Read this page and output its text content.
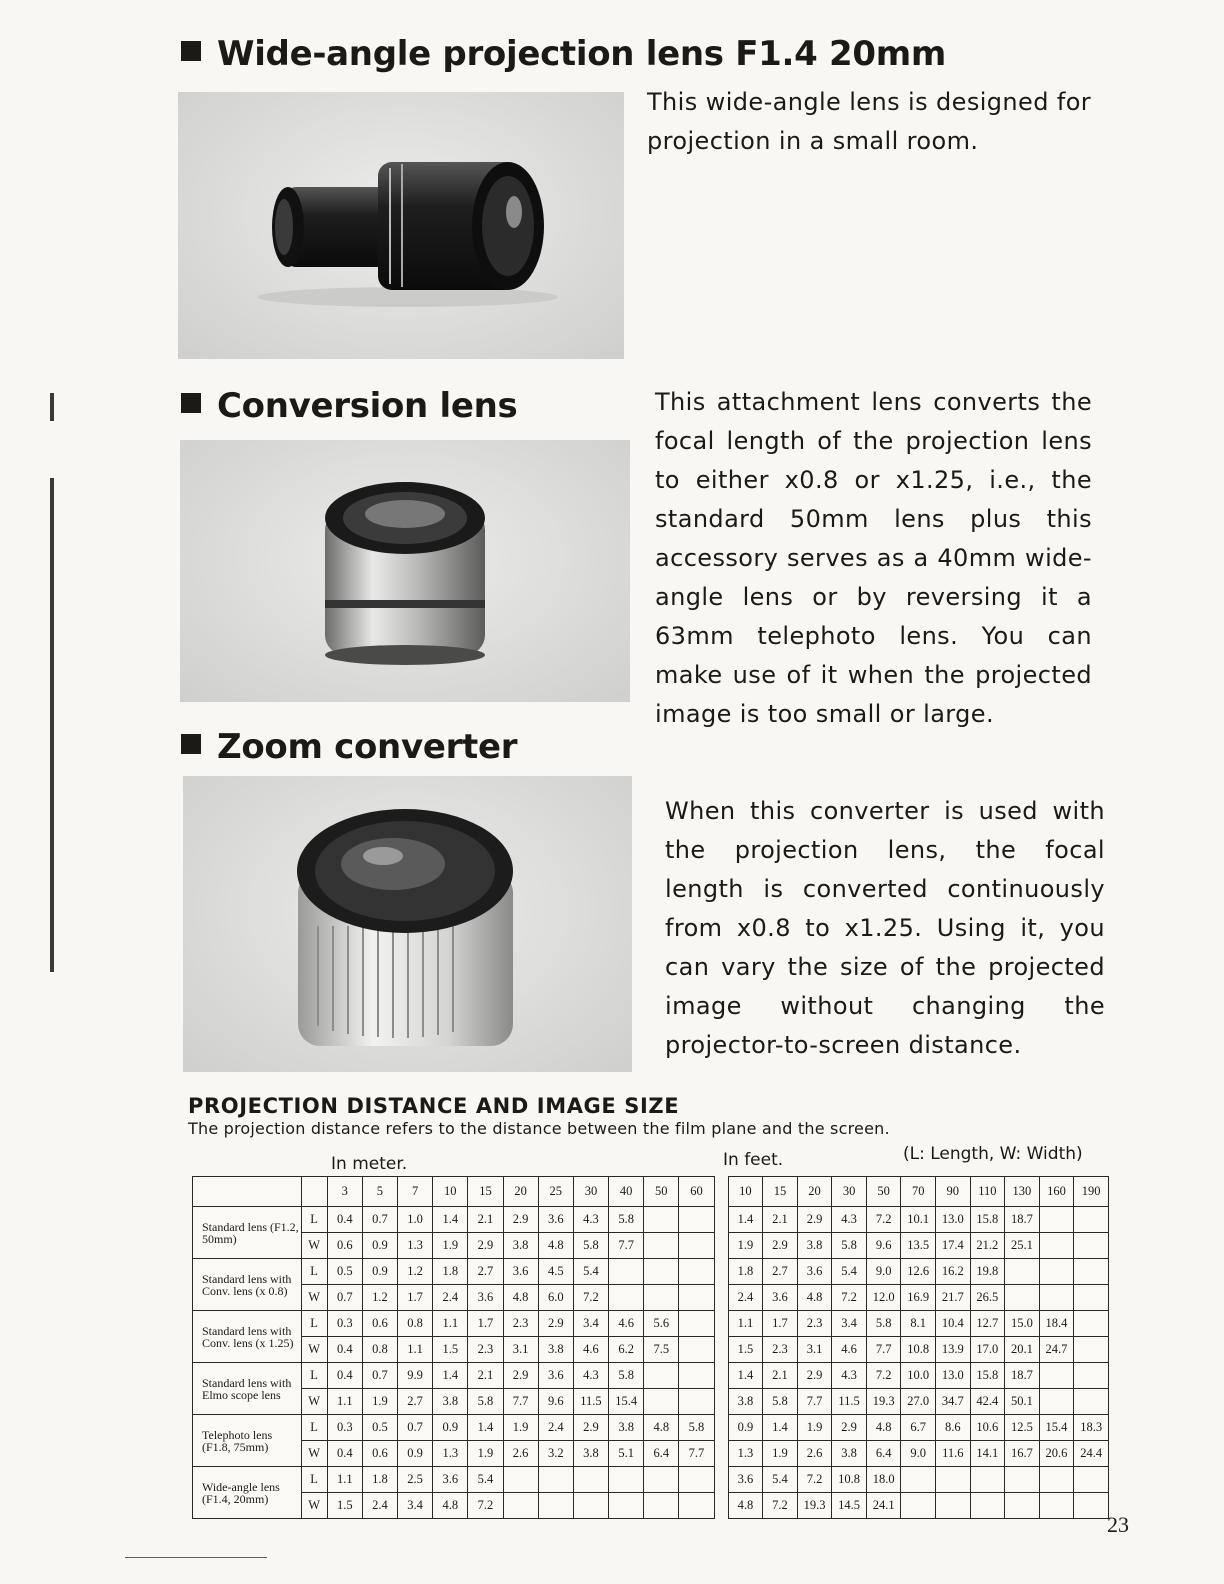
Wide-angle projection lens F1.4 20mm
This wide-angle lens is designed for projection in a small room.
Conversion lens	This attachment lens converts the focal length of the projection lens to either x0.8 or x1.25, i.e., the standard 50mm lens plus this accessory serves as a 40mm wide-angle lens or by reversing it a 63mm telephoto lens. You can make use of it when the projected image is too small or large.
Zoom converter
When this converter is used with the projection lens, the focal length is converted continuously from x0.8 to x1.25. Using it, you can vary the size of the projected image without changing the projector-to-screen distance.
PROJECTION DISTANCE AND IMAGE SIZE
The projection distance refers to the distance between the film plane and the screen.
In meter.	In feet.	(L: Length, W: Width)
		3	5	7	10	15	20	25	30	40	50	60		10	15	20	30	50	70	90	110	130	160	190
Standard lens (F1.2, 50mm)	L	0.4	0.7	1.0	1.4	2.1	2.9	3.6	4.3	5.8				1.4	2.1	2.9	4.3	7.2	10.1	13.0	15.8	18.7		
	W	0.6	0.9	1.3	1.9	2.9	3.8	4.8	5.8	7.7				1.9	2.9	3.8	5.8	9.6	13.5	17.4	21.2	25.1		
Standard lens with Conv. lens (x 0.8)	L	0.5	0.9	1.2	1.8	2.7	3.6	4.5	5.4					1.8	2.7	3.6	5.4	9.0	12.6	16.2	19.8			
	W	0.7	1.2	1.7	2.4	3.6	4.8	6.0	7.2					2.4	3.6	4.8	7.2	12.0	16.9	21.7	26.5			
Standard lens with Conv. lens (x 1.25)	L	0.3	0.6	0.8	1.1	1.7	2.3	2.9	3.4	4.6	5.6			1.1	1.7	2.3	3.4	5.8	8.1	10.4	12.7	15.0	18.4	
	W	0.4	0.8	1.1	1.5	2.3	3.1	3.8	4.6	6.2	7.5			1.5	2.3	3.1	4.6	7.7	10.8	13.9	17.0	20.1	24.7	
Standard lens with Elmo scope lens	L	0.4	0.7	9.9	1.4	2.1	2.9	3.6	4.3	5.8				1.4	2.1	2.9	4.3	7.2	10.0	13.0	15.8	18.7		
	W	1.1	1.9	2.7	3.8	5.8	7.7	9.6	11.5	15.4				3.8	5.8	7.7	11.5	19.3	27.0	34.7	42.4	50.1		
Telephoto lens (F1.8, 75mm)	L	0.3	0.5	0.7	0.9	1.4	1.9	2.4	2.9	3.8	4.8	5.8		0.9	1.4	1.9	2.9	4.8	6.7	8.6	10.6	12.5	15.4	18.3
	W	0.4	0.6	0.9	1.3	1.9	2.6	3.2	3.8	5.1	6.4	7.7		1.3	1.9	2.6	3.8	6.4	9.0	11.6	14.1	16.7	20.6	24.4
Wide-angle lens (F1.4, 20mm)	L	1.1	1.8	2.5	3.6	5.4								3.6	5.4	7.2	10.8	18.0						
	W	1.5	2.4	3.4	4.8	7.2								4.8	7.2	19.3	14.5	24.1						
23
